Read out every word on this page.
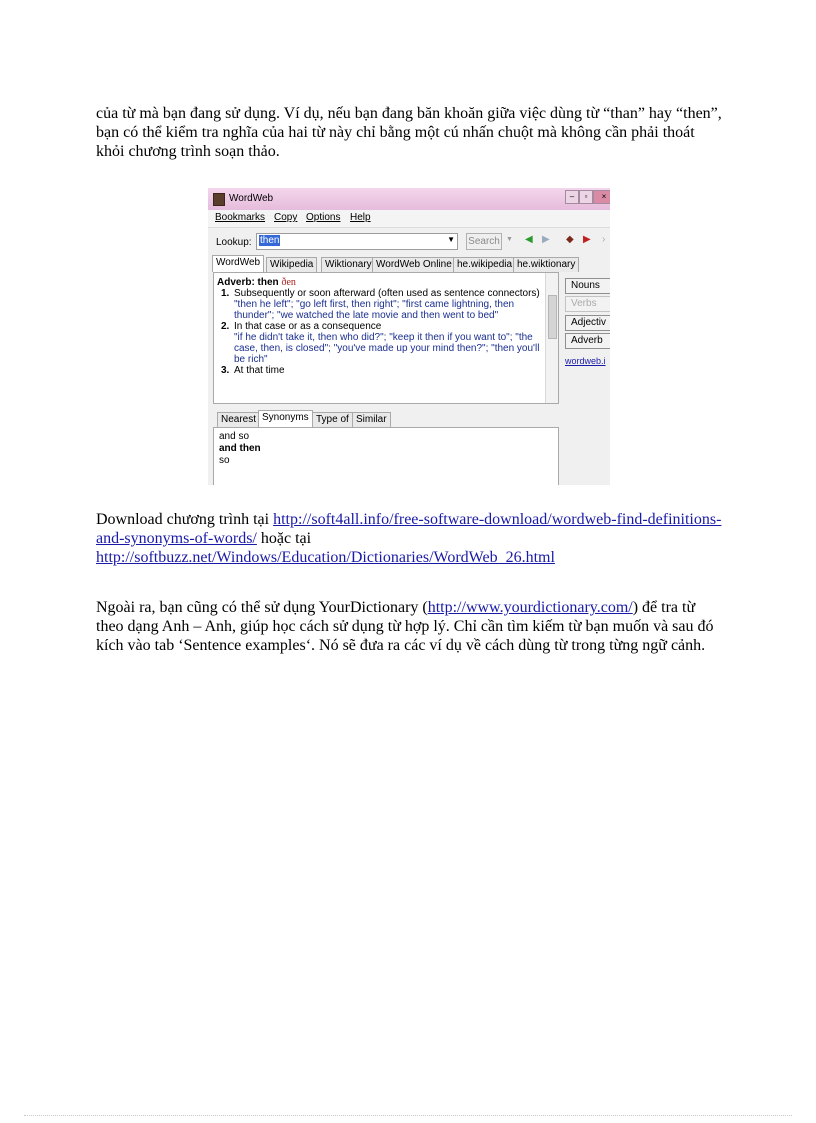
của từ mà bạn đang sử dụng. Ví dụ, nếu bạn đang băn khoăn giữa việc dùng từ “than” hay “then”, bạn có thể kiểm tra nghĩa của hai từ này chỉ bằng một cú nhấn chuột mà không cần phải thoát khỏi chương trình soạn thảo.
WordWeb	–	▫	×
Bookmarks Copy Options Help
Lookup: then	▼ Search ▼ ◀ ▶ ◆ ▶ ›
WordWeb Wikipedia	Wiktionary WordWeb Online he.wikipedia he.wiktionary
Adverb: then ðen
1. Subsequently or soon afterward (often used as sentence connectors)
"then he left"; "go left first, then right"; "first came lightning, then thunder"; "we watched the late movie and then went to bed"
2. In that case or as a consequence
"if he didn't take it, then who did?"; "keep it then if you want to"; "the case, then, is closed"; "you've made up your mind then?"; "then you'll be rich"
3. At that time
Nouns
Verbs
Adjectiv
Adverb
wordweb.i
Nearest Synonyms Type of Similar
and so
and then
so
Download chương trình tại http://soft4all.info/free-software-download/wordweb-find-definitions-and-synonyms-of-words/ hoặc tại http://softbuzz.net/Windows/Education/Dictionaries/WordWeb_26.html
Ngoài ra, bạn cũng có thể sử dụng YourDictionary (http://www.yourdictionary.com/) để tra từ theo dạng Anh – Anh, giúp học cách sử dụng từ hợp lý. Chỉ cần tìm kiếm từ bạn muốn và sau đó kích vào tab ‘Sentence examples‘. Nó sẽ đưa ra các ví dụ về cách dùng từ trong từng ngữ cảnh.
